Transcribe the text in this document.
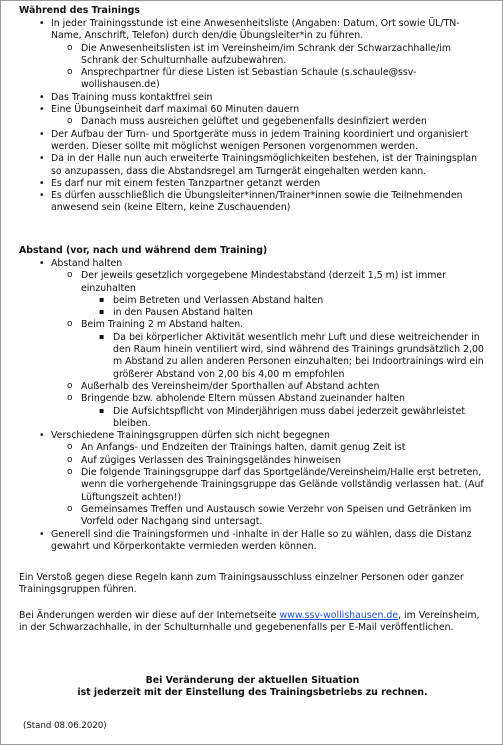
Während des Trainings
• In jeder Trainingsstunde ist eine Anwesenheitsliste (Angaben: Datum, Ort sowie ÜL/TN-Name, Anschrift, Telefon) durch den/die Übungsleiter*in zu führen.
o Die Anwesenheitslisten ist im Vereinsheim/im Schrank der Schwarzachhalle/im Schrank der Schulturnhalle aufzubewahren.
o Ansprechpartner für diese Listen ist Sebastian Schaule (s.schaule@ssv-wollishausen.de)
• Das Training muss kontaktfrei sein
• Eine Übungseinheit darf maximal 60 Minuten dauern
o Danach muss ausreichen gelüftet und gegebenenfalls desinfiziert werden
• Der Aufbau der Turn- und Sportgeräte muss in jedem Training koordiniert und organisiert werden. Dieser sollte mit möglichst wenigen Personen vorgenommen werden.
• Da in der Halle nun auch erweiterte Trainingsmöglichkeiten bestehen, ist der Trainingsplan so anzupassen, dass die Abstandsregel am Turngerät eingehalten werden kann.
• Es darf nur mit einem festen Tanzpartner getanzt werden
• Es dürfen ausschließlich die Übungsleiter*innen/Trainer*innen sowie die Teilnehmenden anwesend sein (keine Eltern, keine Zuschauenden)
Abstand (vor, nach und während dem Training)
• Abstand halten
o Der jeweils gesetzlich vorgegebene Mindestabstand (derzeit 1,5 m) ist immer einzuhalten
▪ beim Betreten und Verlassen Abstand halten
▪ in den Pausen Abstand halten
o Beim Training 2 m Abstand halten.
▪ Da bei körperlicher Aktivität wesentlich mehr Luft und diese weitreichender in den Raum hinein ventiliert wird, sind während des Trainings grundsätzlich 2,00 m Abstand zu allen anderen Personen einzuhalten; bei Indoortrainings wird ein größerer Abstand von 2,00 bis 4,00 m empfohlen
o Außerhalb des Vereinsheim/der Sporthallen auf Abstand achten
o Bringende bzw. abholende Eltern müssen Abstand zueinander halten
▪ Die Aufsichtspflicht von Minderjährigen muss dabei jederzeit gewährleistet bleiben.
• Verschiedene Trainingsgruppen dürfen sich nicht begegnen
o An Anfangs- und Endzeiten der Trainings halten, damit genug Zeit ist
o Auf zügiges Verlassen des Trainingsgeländes hinweisen
o Die folgende Trainingsgruppe darf das Sportgelände/Vereinsheim/Halle erst betreten, wenn die vorhergehende Trainingsgruppe das Gelände vollständig verlassen hat. (Auf Lüftungszeit achten!)
o Gemeinsames Treffen und Austausch sowie Verzehr von Speisen und Getränken im Vorfeld oder Nachgang sind untersagt.
• Generell sind die Trainingsformen und -inhalte in der Halle so zu wählen, dass die Distanz gewahrt und Körperkontakte vermieden werden können.
Ein Verstoß gegen diese Regeln kann zum Trainingsausschluss einzelner Personen oder ganzer Trainingsgruppen führen.
Bei Änderungen werden wir diese auf der Internetseite www.ssv-wollishausen.de, im Vereinsheim, in der Schwarzachhalle, in der Schulturnhalle und gegebenenfalls per E-Mail veröffentlichen.
Bei Veränderung der aktuellen Situation
ist jederzeit mit der Einstellung des Trainingsbetriebs zu rechnen.
(Stand 08.06.2020)
